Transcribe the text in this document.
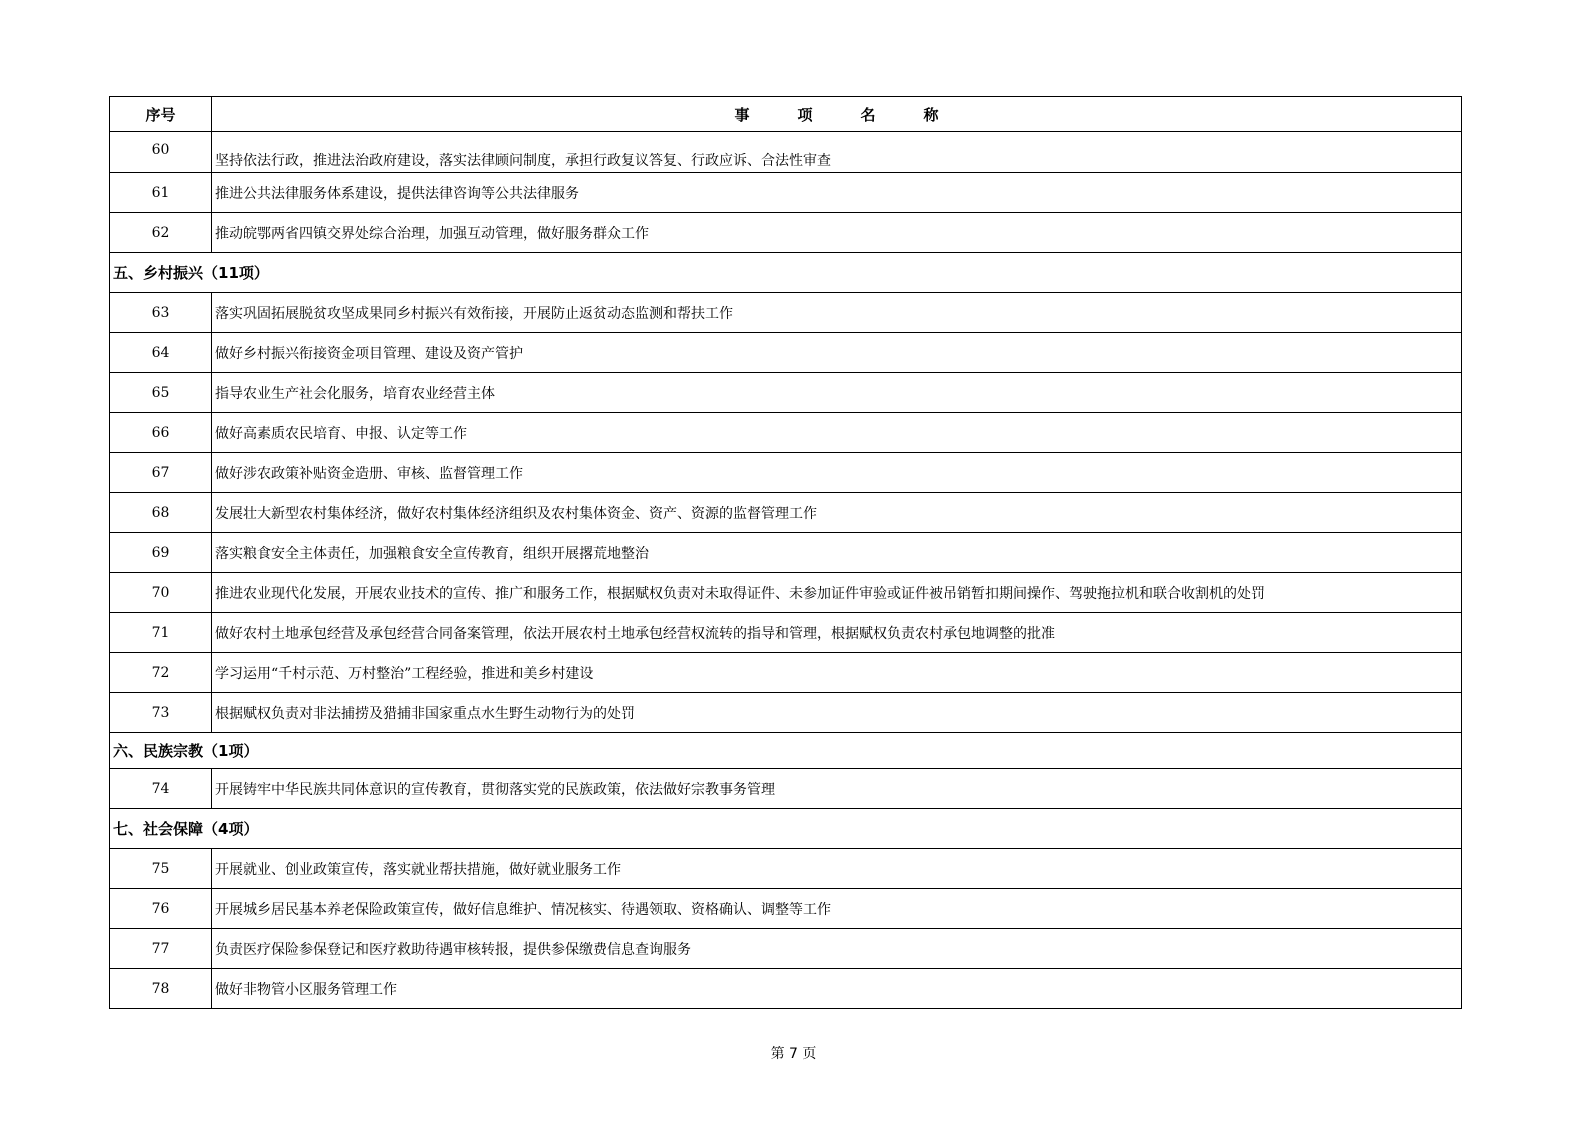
序号	事项名称
60	坚持依法行政，推进法治政府建设，落实法律顾问制度，承担行政复议答复、行政应诉、合法性审查
61	推进公共法律服务体系建设，提供法律咨询等公共法律服务
62	推动皖鄂两省四镇交界处综合治理，加强互动管理，做好服务群众工作
五、乡村振兴（11项）	
63	落实巩固拓展脱贫攻坚成果同乡村振兴有效衔接，开展防止返贫动态监测和帮扶工作
64	做好乡村振兴衔接资金项目管理、建设及资产管护
65	指导农业生产社会化服务，培育农业经营主体
66	做好高素质农民培育、申报、认定等工作
67	做好涉农政策补贴资金造册、审核、监督管理工作
68	发展壮大新型农村集体经济，做好农村集体经济组织及农村集体资金、资产、资源的监督管理工作
69	落实粮食安全主体责任，加强粮食安全宣传教育，组织开展撂荒地整治
70	推进农业现代化发展，开展农业技术的宣传、推广和服务工作，根据赋权负责对未取得证件、未参加证件审验或证件被吊销暂扣期间操作、驾驶拖拉机和联合收割机的处罚
71	做好农村土地承包经营及承包经营合同备案管理，依法开展农村土地承包经营权流转的指导和管理，根据赋权负责农村承包地调整的批准
72	学习运用“千村示范、万村整治”工程经验，推进和美乡村建设
73	根据赋权负责对非法捕捞及猎捕非国家重点水生野生动物行为的处罚
六、民族宗教（1项）	
74	开展铸牢中华民族共同体意识的宣传教育，贯彻落实党的民族政策，依法做好宗教事务管理
七、社会保障（4项）	
75	开展就业、创业政策宣传，落实就业帮扶措施，做好就业服务工作
76	开展城乡居民基本养老保险政策宣传，做好信息维护、情况核实、待遇领取、资格确认、调整等工作
77	负责医疗保险参保登记和医疗救助待遇审核转报，提供参保缴费信息查询服务
78	做好非物管小区服务管理工作
第 7 页
